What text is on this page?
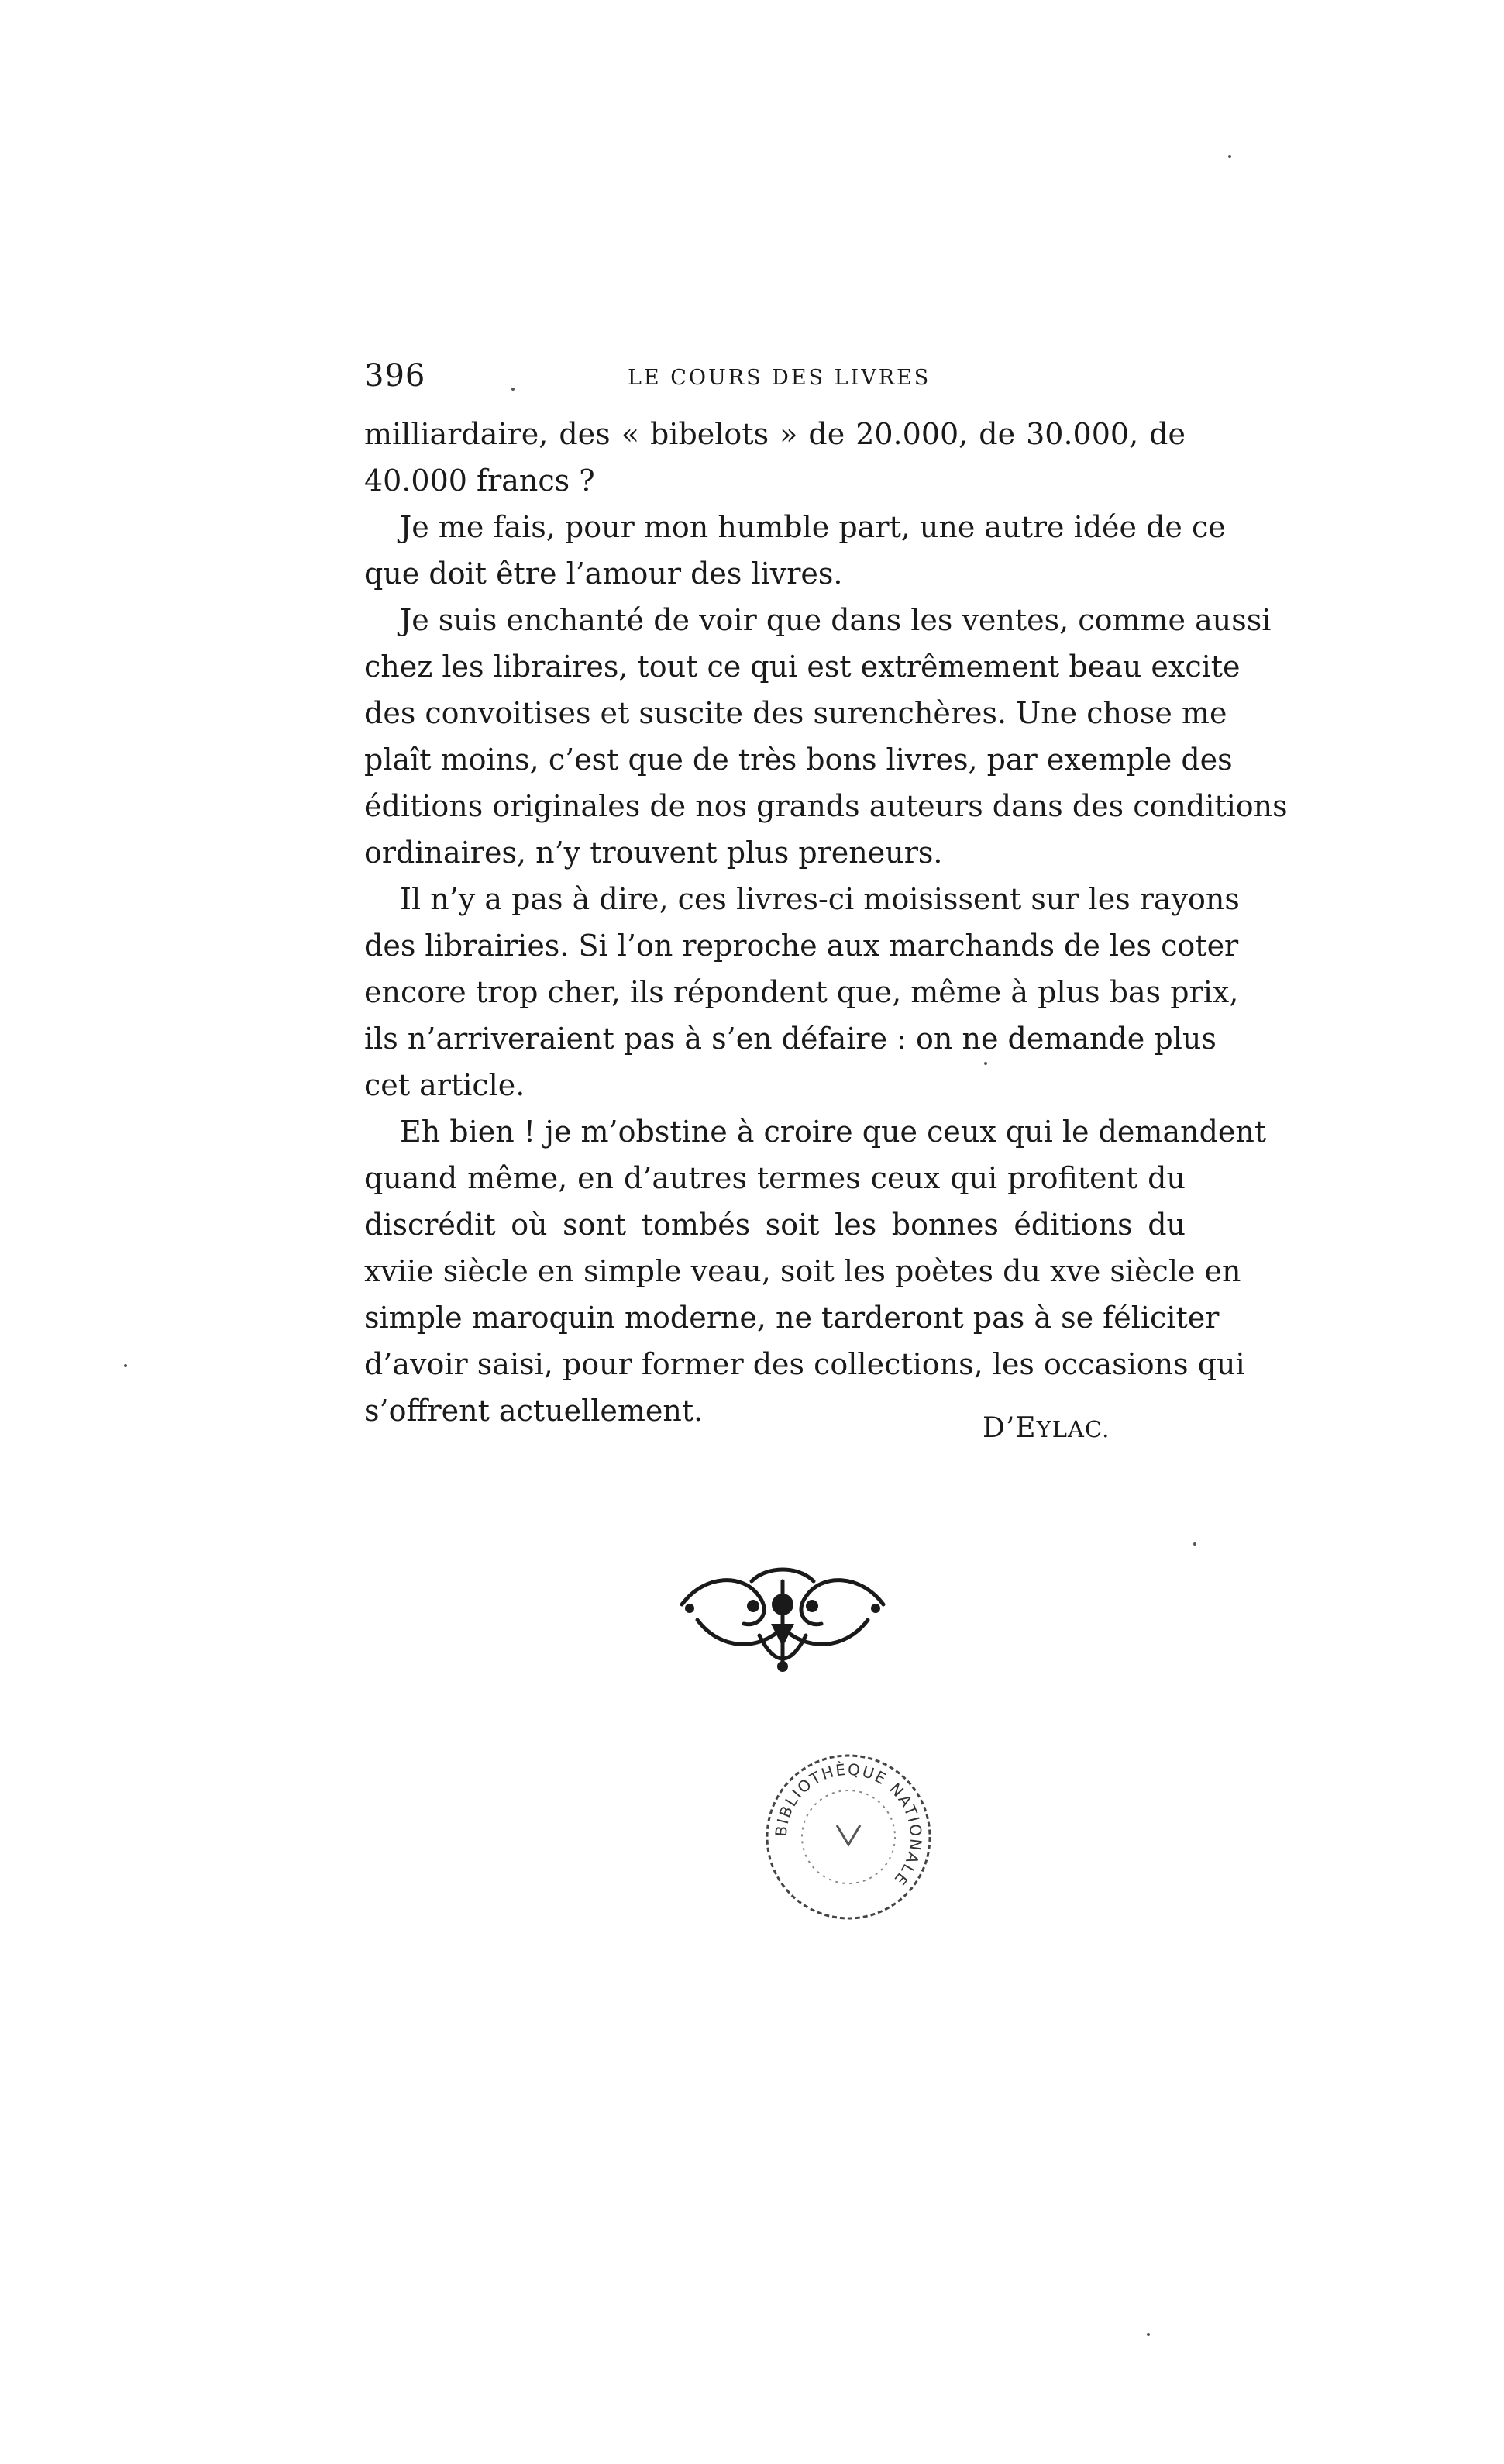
396	LE COURS DES LIVRES
milliardaire, des « bibelots » de 20.000, de 30.000, de
40.000 francs ?
Je me fais, pour mon humble part, une autre idée de ce
que doit être l’amour des livres.
Je suis enchanté de voir que dans les ventes, comme aussi
chez les libraires, tout ce qui est extrêmement beau excite
des convoitises et suscite des surenchères. Une chose me
plaît moins, c’est que de très bons livres, par exemple des
éditions originales de nos grands auteurs dans des conditions
ordinaires, n’y trouvent plus preneurs.
Il n’y a pas à dire, ces livres-ci moisissent sur les rayons
des librairies. Si l’on reproche aux marchands de les coter
encore trop cher, ils répondent que, même à plus bas prix,
ils n’arriveraient pas à s’en défaire : on ne demande plus
cet article.
Eh bien ! je m’obstine à croire que ceux qui le demandent
quand même, en d’autres termes ceux qui profitent du
discrédit où sont tombés soit les bonnes éditions du
xviie siècle en simple veau, soit les poètes du xve siècle en
simple maroquin moderne, ne tarderont pas à se féliciter
d’avoir saisi, pour former des collections, les occasions qui
s’offrent actuellement.
D’EYLAC.
BIBLIOTHÈQUE NATIONALE
